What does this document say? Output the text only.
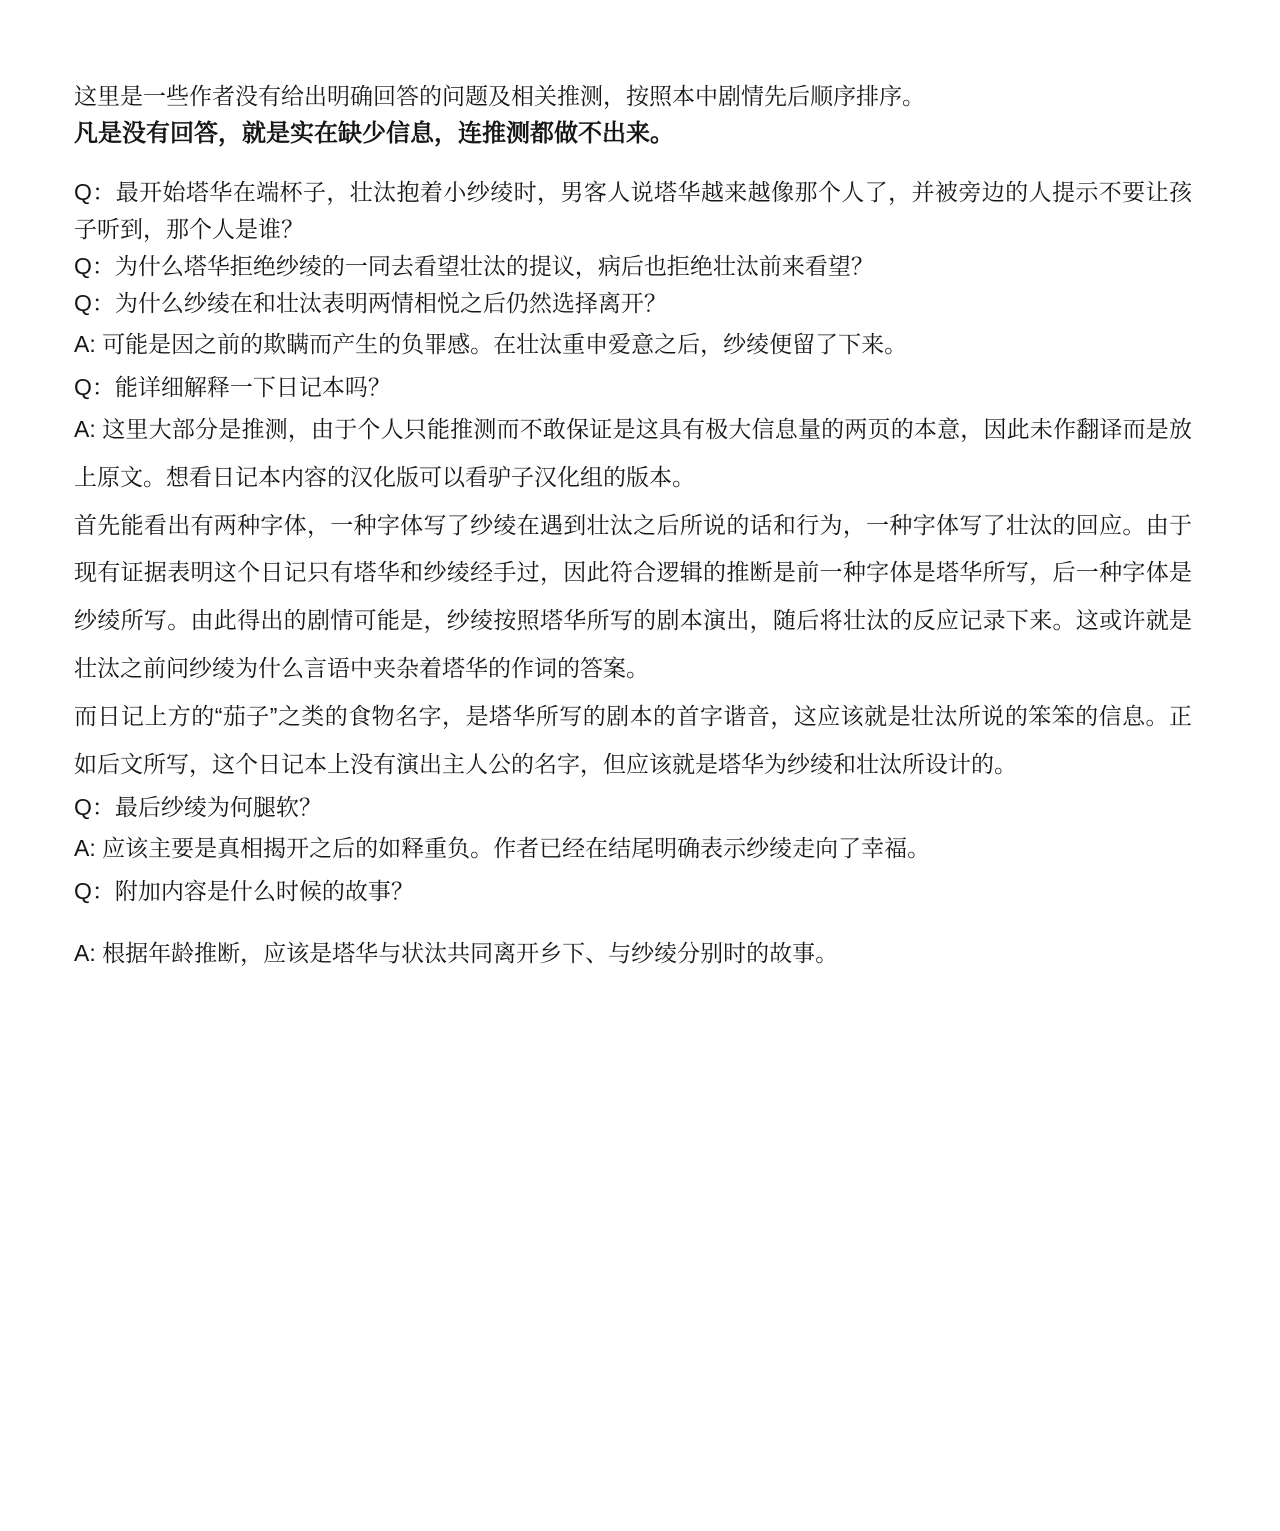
这里是一些作者没有给出明确回答的问题及相关推测，按照本中剧情先后顺序排序。

凡是没有回答，就是实在缺少信息，连推测都做不出来。

Q：最开始塔华在端杯子，壮汰抱着小纱绫时，男客人说塔华越来越像那个人了，并被旁边的人提示不要让孩子听到，那个人是谁？

Q：为什么塔华拒绝纱绫的一同去看望壮汰的提议，病后也拒绝壮汰前来看望？

Q：为什么纱绫在和壮汰表明两情相悦之后仍然选择离开？

A: 可能是因之前的欺瞒而产生的负罪感。在壮汰重申爱意之后，纱绫便留了下来。

Q：能详细解释一下日记本吗？

A: 这里大部分是推测，由于个人只能推测而不敢保证是这具有极大信息量的两页的本意，因此未作翻译而是放上原文。想看日记本内容的汉化版可以看驴子汉化组的版本。

首先能看出有两种字体，一种字体写了纱绫在遇到壮汰之后所说的话和行为，一种字体写了壮汰的回应。由于现有证据表明这个日记只有塔华和纱绫经手过，因此符合逻辑的推断是前一种字体是塔华所写，后一种字体是纱绫所写。由此得出的剧情可能是，纱绫按照塔华所写的剧本演出，随后将壮汰的反应记录下来。这或许就是壮汰之前问纱绫为什么言语中夹杂着塔华的作词的答案。

而日记上方的“茄子”之类的食物名字，是塔华所写的剧本的首字谐音，这应该就是壮汰所说的笨笨的信息。正如后文所写，这个日记本上没有演出主人公的名字，但应该就是塔华为纱绫和壮汰所设计的。

Q：最后纱绫为何腿软？

A: 应该主要是真相揭开之后的如释重负。作者已经在结尾明确表示纱绫走向了幸福。

Q：附加内容是什么时候的故事？

A: 根据年龄推断，应该是塔华与状汰共同离开乡下、与纱绫分别时的故事。
